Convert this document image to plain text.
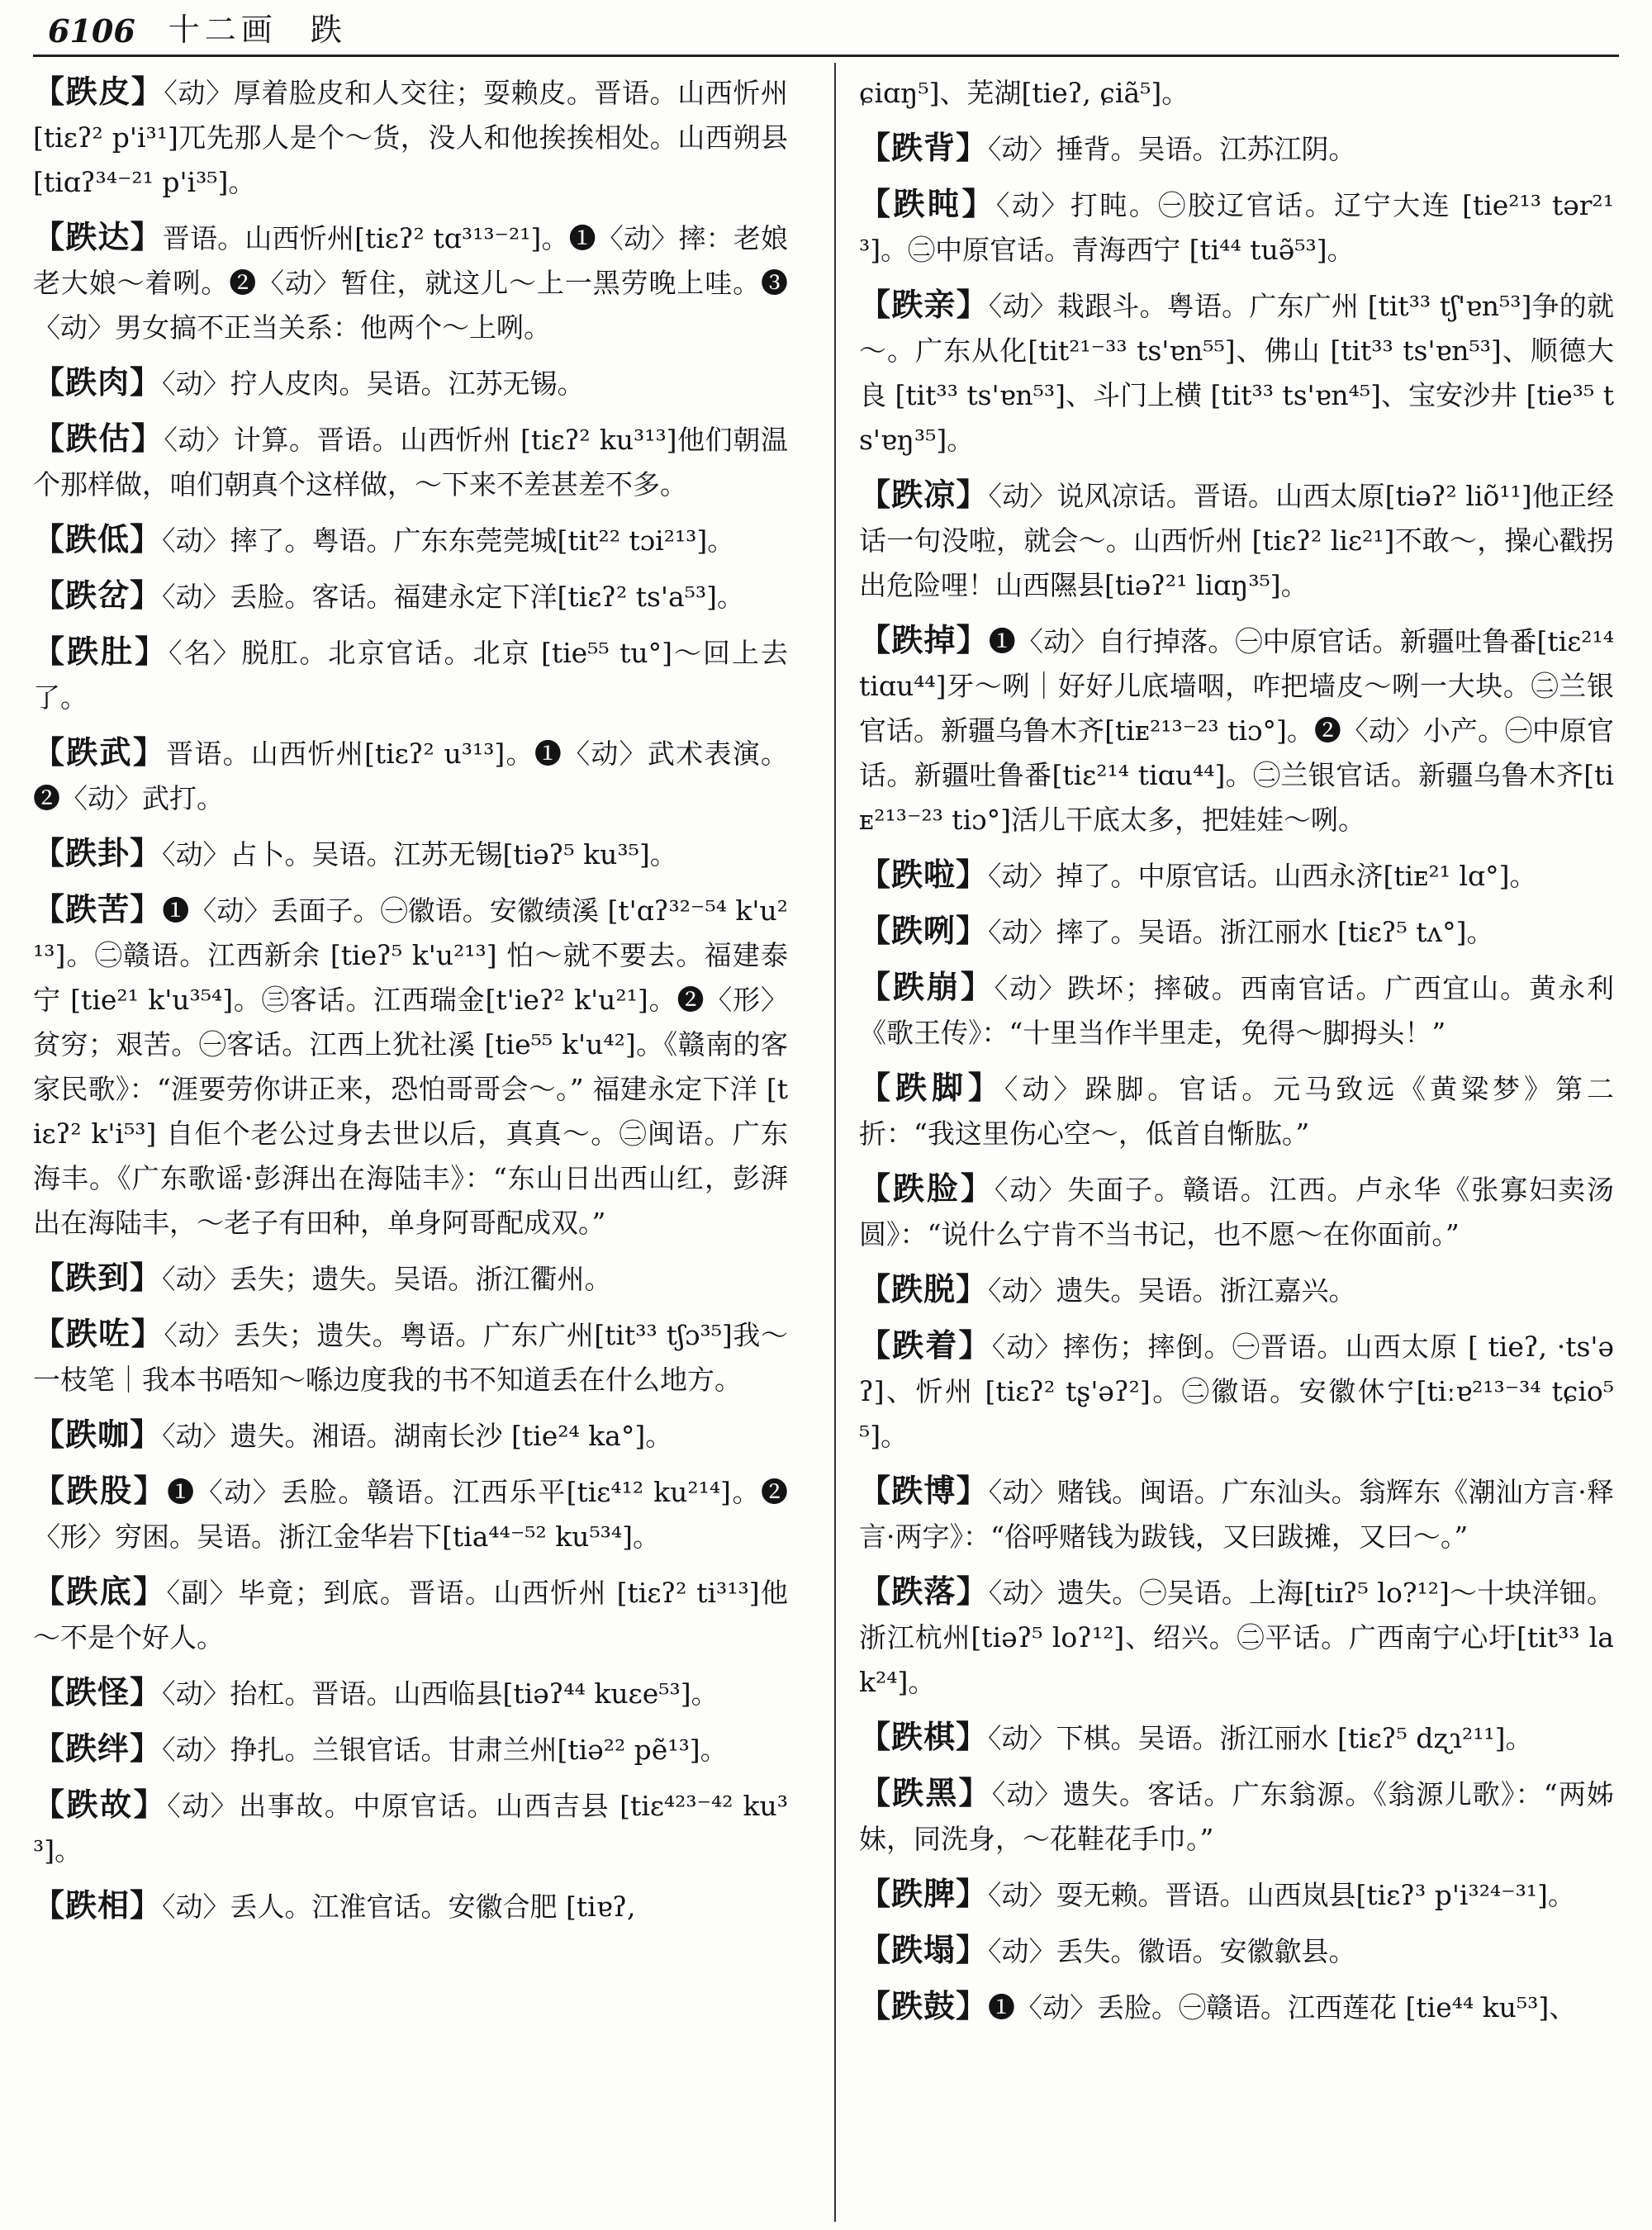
6106 十二画 跌

【跌皮】〈动〉厚着脸皮和人交往；耍赖皮。晋语。山西忻州[tiɛʔ² p'i³¹]兀先那人是个～货，没人和他挨挨相处。山西朔县[tiɑʔ³⁴⁻²¹ p'i³⁵]。

【跌达】晋语。山西忻州[tiɛʔ² tɑ³¹³⁻²¹]。❶〈动〉摔：老娘老大娘～着咧。❷〈动〉暂住，就这儿～上一黑劳晚上哇。❸〈动〉男女搞不正当关系：他两个～上咧。

【跌肉】〈动〉拧人皮肉。吴语。江苏无锡。

【跌估】〈动〉计算。晋语。山西忻州 [tiɛʔ² ku³¹³]他们朝温个那样做，咱们朝真个这样做，～下来不差甚差不多。

【跌低】〈动〉摔了。粤语。广东东莞莞城[tit²² tɔi²¹³]。

【跌岔】〈动〉丢脸。客话。福建永定下洋[tiɛʔ² ts'a⁵³]。

【跌肚】〈名〉脱肛。北京官话。北京 [tie⁵⁵ tu°]～回上去了。

【跌武】晋语。山西忻州[tiɛʔ² u³¹³]。❶〈动〉武术表演。❷〈动〉武打。

【跌卦】〈动〉占卜。吴语。江苏无锡[tiəʔ⁵ ku³⁵]。

【跌苦】❶〈动〉丢面子。㊀徽语。安徽绩溪 [t'ɑʔ³²⁻⁵⁴ k'u²¹³]。㊁赣语。江西新余 [tieʔ⁵ k'u²¹³] 怕～就不要去。福建泰宁 [tie²¹ k'u³⁵⁴]。㊂客话。江西瑞金[t'ieʔ² k'u²¹]。❷〈形〉贫穷；艰苦。㊀客话。江西上犹社溪 [tie⁵⁵ k'u⁴²]。《赣南的客家民歌》：“涯要劳你讲正来，恐怕哥哥会～。” 福建永定下洋 [tiɛʔ² k'i⁵³] 自佢个老公过身去世以后，真真～。㊁闽语。广东海丰。《广东歌谣·彭湃出在海陆丰》：“东山日出西山红，彭湃出在海陆丰，～老子有田种，单身阿哥配成双。”

【跌到】〈动〉丢失；遗失。吴语。浙江衢州。

【跌咗】〈动〉丢失；遗失。粤语。广东广州[tit³³ tʃɔ³⁵]我～一枝笔｜我本书唔知～喺边度我的书不知道丢在什么地方。

【跌咖】〈动〉遗失。湘语。湖南长沙 [tie²⁴ ka°]。

【跌股】❶〈动〉丢脸。赣语。江西乐平[tiɛ⁴¹² ku²¹⁴]。❷〈形〉穷困。吴语。浙江金华岩下[tia⁴⁴⁻⁵² ku⁵³⁴]。

【跌底】〈副〉毕竟；到底。晋语。山西忻州 [tiɛʔ² ti³¹³]他～不是个好人。

【跌怪】〈动〉抬杠。晋语。山西临县[tiəʔ⁴⁴ kuɛe⁵³]。

【跌绊】〈动〉挣扎。兰银官话。甘肃兰州[tiə²² pẽ¹³]。

【跌故】〈动〉出事故。中原官话。山西吉县 [tiɛ⁴²³⁻⁴² ku³³]。

【跌相】〈动〉丢人。江淮官话。安徽合肥 [tiɐʔ,

ɕiɑŋ⁵]、芜湖[tieʔ, ɕiã⁵]。

【跌背】〈动〉捶背。吴语。江苏江阴。

【跌盹】〈动〉打盹。㊀胶辽官话。辽宁大连 [tie²¹³ tər²¹³]。㊁中原官话。青海西宁 [ti⁴⁴ tuə̃⁵³]。

【跌亲】〈动〉栽跟斗。粤语。广东广州 [tit³³ tʃ'ɐn⁵³]争的就～。广东从化[tit²¹⁻³³ ts'ɐn⁵⁵]、佛山 [tit³³ ts'ɐn⁵³]、顺德大良 [tit³³ ts'ɐn⁵³]、斗门上横 [tit³³ ts'ɐn⁴⁵]、宝安沙井 [tie³⁵ ts'ɐŋ³⁵]。

【跌凉】〈动〉说风凉话。晋语。山西太原[tiəʔ² liõ¹¹]他正经话一句没啦，就会～。山西忻州 [tiɛʔ² liɛ²¹]不敢～，操心戳拐出危险哩！山西隰县[tiəʔ²¹ liɑŋ³⁵]。

【跌掉】❶〈动〉自行掉落。㊀中原官话。新疆吐鲁番[tiɛ²¹⁴ tiɑu⁴⁴]牙～咧｜好好儿底墙咽，咋把墙皮～咧一大块。㊁兰银官话。新疆乌鲁木齐[tiᴇ²¹³⁻²³ tiɔ°]。❷〈动〉小产。㊀中原官话。新疆吐鲁番[tiɛ²¹⁴ tiɑu⁴⁴]。㊁兰银官话。新疆乌鲁木齐[tiᴇ²¹³⁻²³ tiɔ°]活儿干底太多，把娃娃～咧。

【跌啦】〈动〉掉了。中原官话。山西永济[tiᴇ²¹ lɑ°]。

【跌咧】〈动〉摔了。吴语。浙江丽水 [tiɛʔ⁵ tʌ°]。

【跌崩】〈动〉跌坏；摔破。西南官话。广西宜山。黄永利《歌王传》：“十里当作半里走，免得～脚拇头！”

【跌脚】〈动〉跺脚。官话。元马致远《黄粱梦》第二折：“我这里伤心空～，低首自惭肱。”

【跌脸】〈动〉失面子。赣语。江西。卢永华《张寡妇卖汤圆》：“说什么宁肯不当书记，也不愿～在你面前。”

【跌脱】〈动〉遗失。吴语。浙江嘉兴。

【跌着】〈动〉摔伤；摔倒。㊀晋语。山西太原 [ tieʔ, ·ts'əʔ]、忻州 [tiɛʔ² tʂ'əʔ²]。㊁徽语。安徽休宁[tiːɐ²¹³⁻³⁴ tɕio⁵⁵]。

【跌博】〈动〉赌钱。闽语。广东汕头。翁辉东《潮汕方言·释言·两字》：“俗呼赌钱为跋钱，又曰跋摊，又曰～。”

【跌落】〈动〉遗失。㊀吴语。上海[tiɪʔ⁵ lo?¹²]～十块洋钿。浙江杭州[tiəʔ⁵ loʔ¹²]、绍兴。㊁平话。广西南宁心圩[tit³³ lak²⁴]。

【跌棋】〈动〉下棋。吴语。浙江丽水 [tiɛʔ⁵ dʐɿ²¹¹]。

【跌黑】〈动〉遗失。客话。广东翁源。《翁源儿歌》：“两姊妹，同洗身，～花鞋花手巾。”

【跌脾】〈动〉耍无赖。晋语。山西岚县[tiɛʔ³ p'i³²⁴⁻³¹]。

【跌塌】〈动〉丢失。徽语。安徽歙县。

【跌鼓】❶〈动〉丢脸。㊀赣语。江西莲花 [tie⁴⁴ ku⁵³]、
